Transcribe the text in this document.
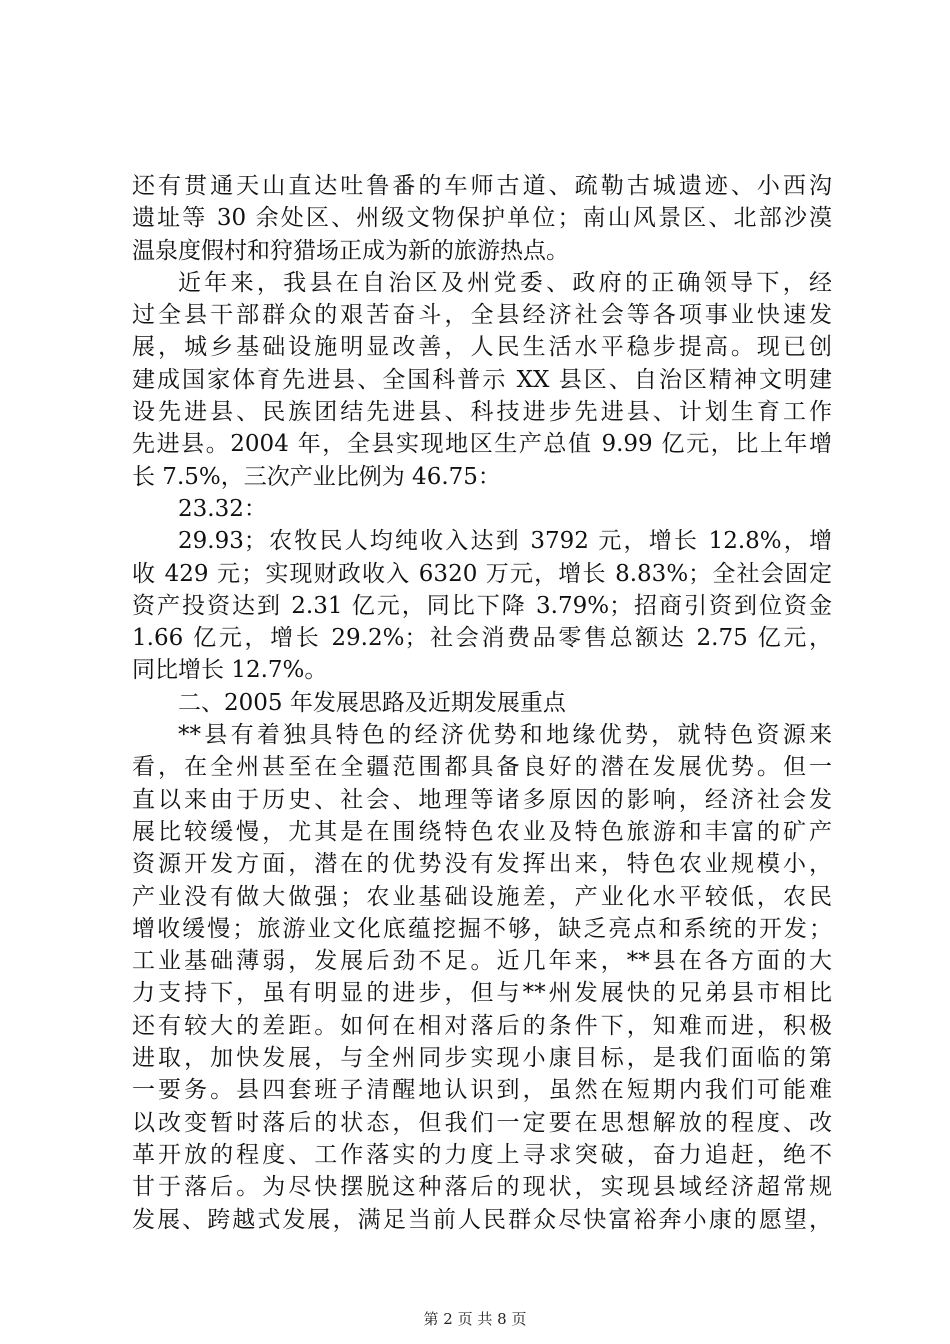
还有贯通天山直达吐鲁番的车师古道、疏勒古城遗迹、小西沟
遗址等 30 余处区、州级文物保护单位；南山风景区、北部沙漠
温泉度假村和狩猎场正成为新的旅游热点。
近年来，我县在自治区及州党委、政府的正确领导下，经
过全县干部群众的艰苦奋斗，全县经济社会等各项事业快速发
展，城乡基础设施明显改善，人民生活水平稳步提高。现已创
建成国家体育先进县、全国科普示 XX 县区、自治区精神文明建
设先进县、民族团结先进县、科技进步先进县、计划生育工作
先进县。2004 年，全县实现地区生产总值 9.99 亿元，比上年增
长 7.5%，三次产业比例为 46.75：
23.32：
29.93；农牧民人均纯收入达到 3792 元，增长 12.8%，增
收 429 元；实现财政收入 6320 万元，增长 8.83%；全社会固定
资产投资达到 2.31 亿元，同比下降 3.79%；招商引资到位资金
1.66 亿元，增长 29.2%；社会消费品零售总额达 2.75 亿元，
同比增长 12.7%。
二、2005 年发展思路及近期发展重点
**县有着独具特色的经济优势和地缘优势，就特色资源来
看，在全州甚至在全疆范围都具备良好的潜在发展优势。但一
直以来由于历史、社会、地理等诸多原因的影响，经济社会发
展比较缓慢，尤其是在围绕特色农业及特色旅游和丰富的矿产
资源开发方面，潜在的优势没有发挥出来，特色农业规模小，
产业没有做大做强；农业基础设施差，产业化水平较低，农民
增收缓慢；旅游业文化底蕴挖掘不够，缺乏亮点和系统的开发；
工业基础薄弱，发展后劲不足。近几年来，**县在各方面的大
力支持下，虽有明显的进步，但与**州发展快的兄弟县市相比
还有较大的差距。如何在相对落后的条件下，知难而进，积极
进取，加快发展，与全州同步实现小康目标，是我们面临的第
一要务。县四套班子清醒地认识到，虽然在短期内我们可能难
以改变暂时落后的状态，但我们一定要在思想解放的程度、改
革开放的程度、工作落实的力度上寻求突破，奋力追赶，绝不
甘于落后。为尽快摆脱这种落后的现状，实现县域经济超常规
发展、跨越式发展，满足当前人民群众尽快富裕奔小康的愿望，
第 2 页 共 8 页
